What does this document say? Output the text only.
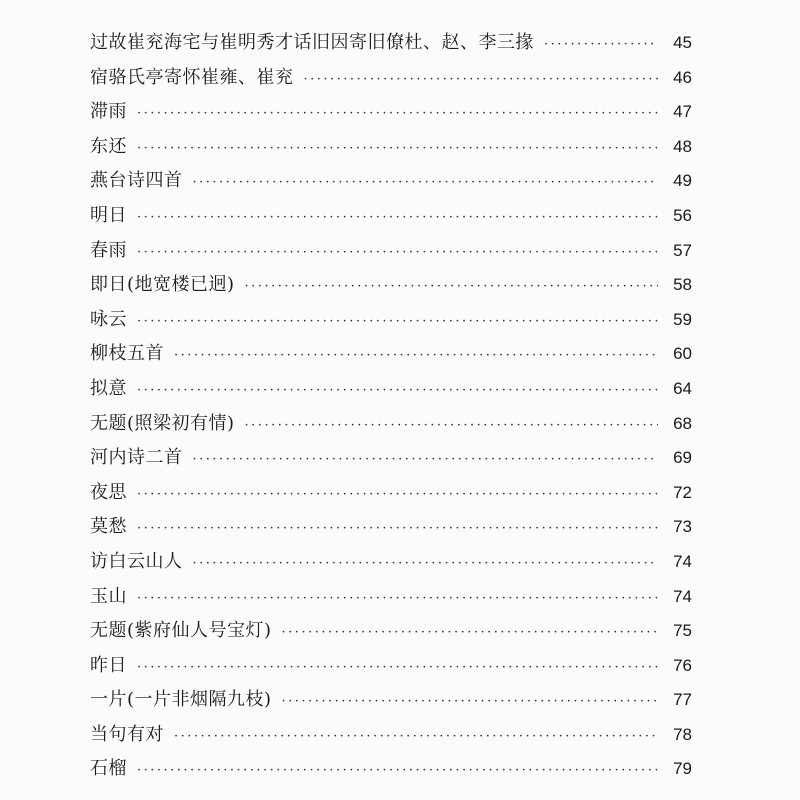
过故崔兖海宅与崔明秀才话旧因寄旧僚杜、赵、李三掾 ·····	45
宿骆氏亭寄怀崔雍、崔兖 ·····	46
滞雨 ·····	47
东还 ·····	48
燕台诗四首 ·····	49
明日 ·····	56
春雨 ·····	57
即日(地宽楼已迥) ·····	58
咏云 ·····	59
柳枝五首 ·····	60
拟意 ·····	64
无题(照梁初有情) ·····	68
河内诗二首 ·····	69
夜思 ·····	72
莫愁 ·····	73
访白云山人 ·····	74
玉山 ·····	74
无题(紫府仙人号宝灯) ·····	75
昨日 ·····	76
一片(一片非烟隔九枝) ·····	77
当句有对 ·····	78
石榴 ·····	79
